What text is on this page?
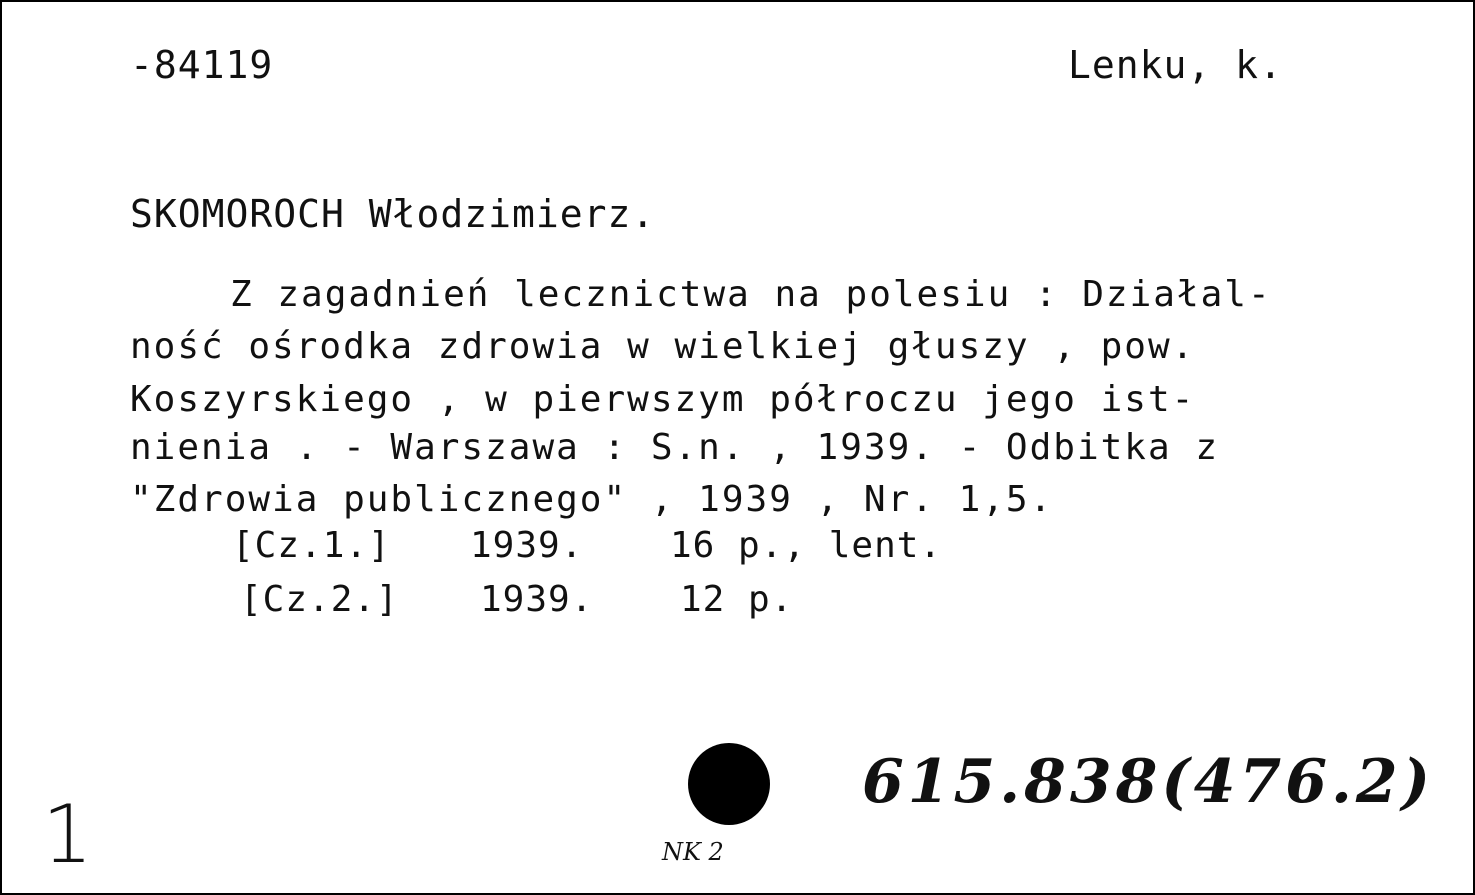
-84119	Lenku, k.
SKOMOROCH Włodzimierz.
Z zagadnień lecznictwa na polesiu : Działal-
ność ośrodka zdrowia w wielkiej głuszy , pow.
Koszyrskiego , w pierwszym półroczu jego ist-
nienia . - Warszawa : S.n. , 1939. - Odbitka z
"Zdrowia publicznego" , 1939 , Nr. 1,5.
[Cz.1.] 1939. 16 p., lent.
[Cz.2.] 1939. 12 p.
615.838(476.2)
1	NK 2
